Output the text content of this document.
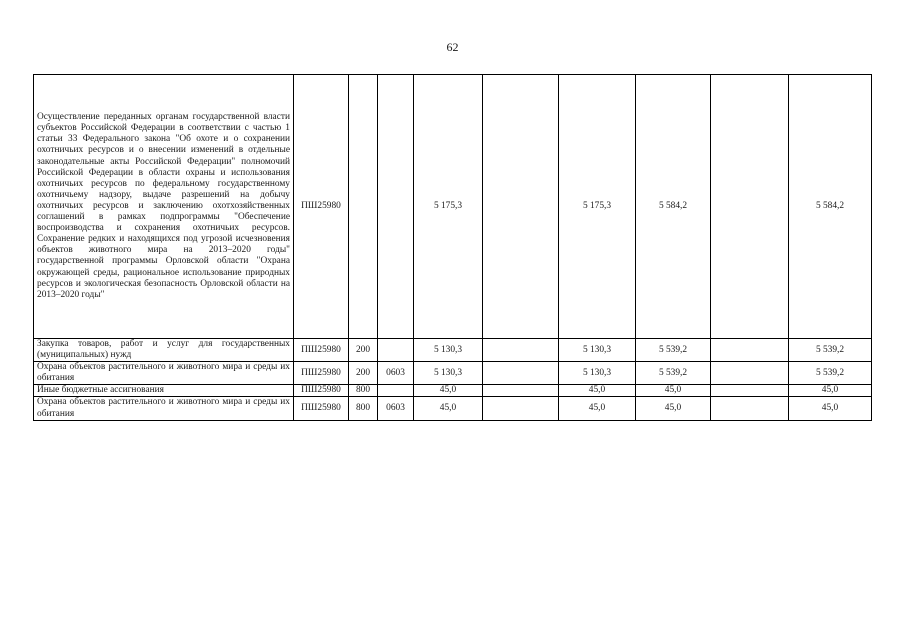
62
Осуществление переданных органам государственной власти субъектов Российской Федерации в соответствии с частью 1 статьи 33 Федерального закона "Об охоте и о сохранении охотничьих ресурсов и о внесении изменений в отдельные законодательные акты Российской Федерации" полномочий Российской Федерации в области охраны и использования охотничьих ресурсов по федеральному государственному охотничьему надзору, выдаче разрешений на добычу охотничьих ресурсов и заключению охотхозяйственных соглашений в рамках подпрограммы "Обеспечение воспроизводства и сохранения охотничьих ресурсов. Сохранение редких и находящихся под угрозой исчезновения объектов животного мира на 2013–2020 годы" государственной программы Орловской области "Охрана окружающей среды, рациональное использование природных ресурсов и экологическая безопасность Орловской области на
2013–2020 годы"	ПШ25980			5 175,3		5 175,3	5 584,2		5 584,2
Закупка товаров, работ и услуг для государственных (муниципальных) нужд	ПШ25980	200		5 130,3		5 130,3	5 539,2		5 539,2
Охрана объектов растительного и животного мира и среды их обитания	ПШ25980	200	0603	5 130,3		5 130,3	5 539,2		5 539,2
Иные бюджетные ассигнования	ПШ25980	800		45,0		45,0	45,0		45,0
Охрана объектов растительного и животного мира и среды их обитания	ПШ25980	800	0603	45,0		45,0	45,0		45,0
